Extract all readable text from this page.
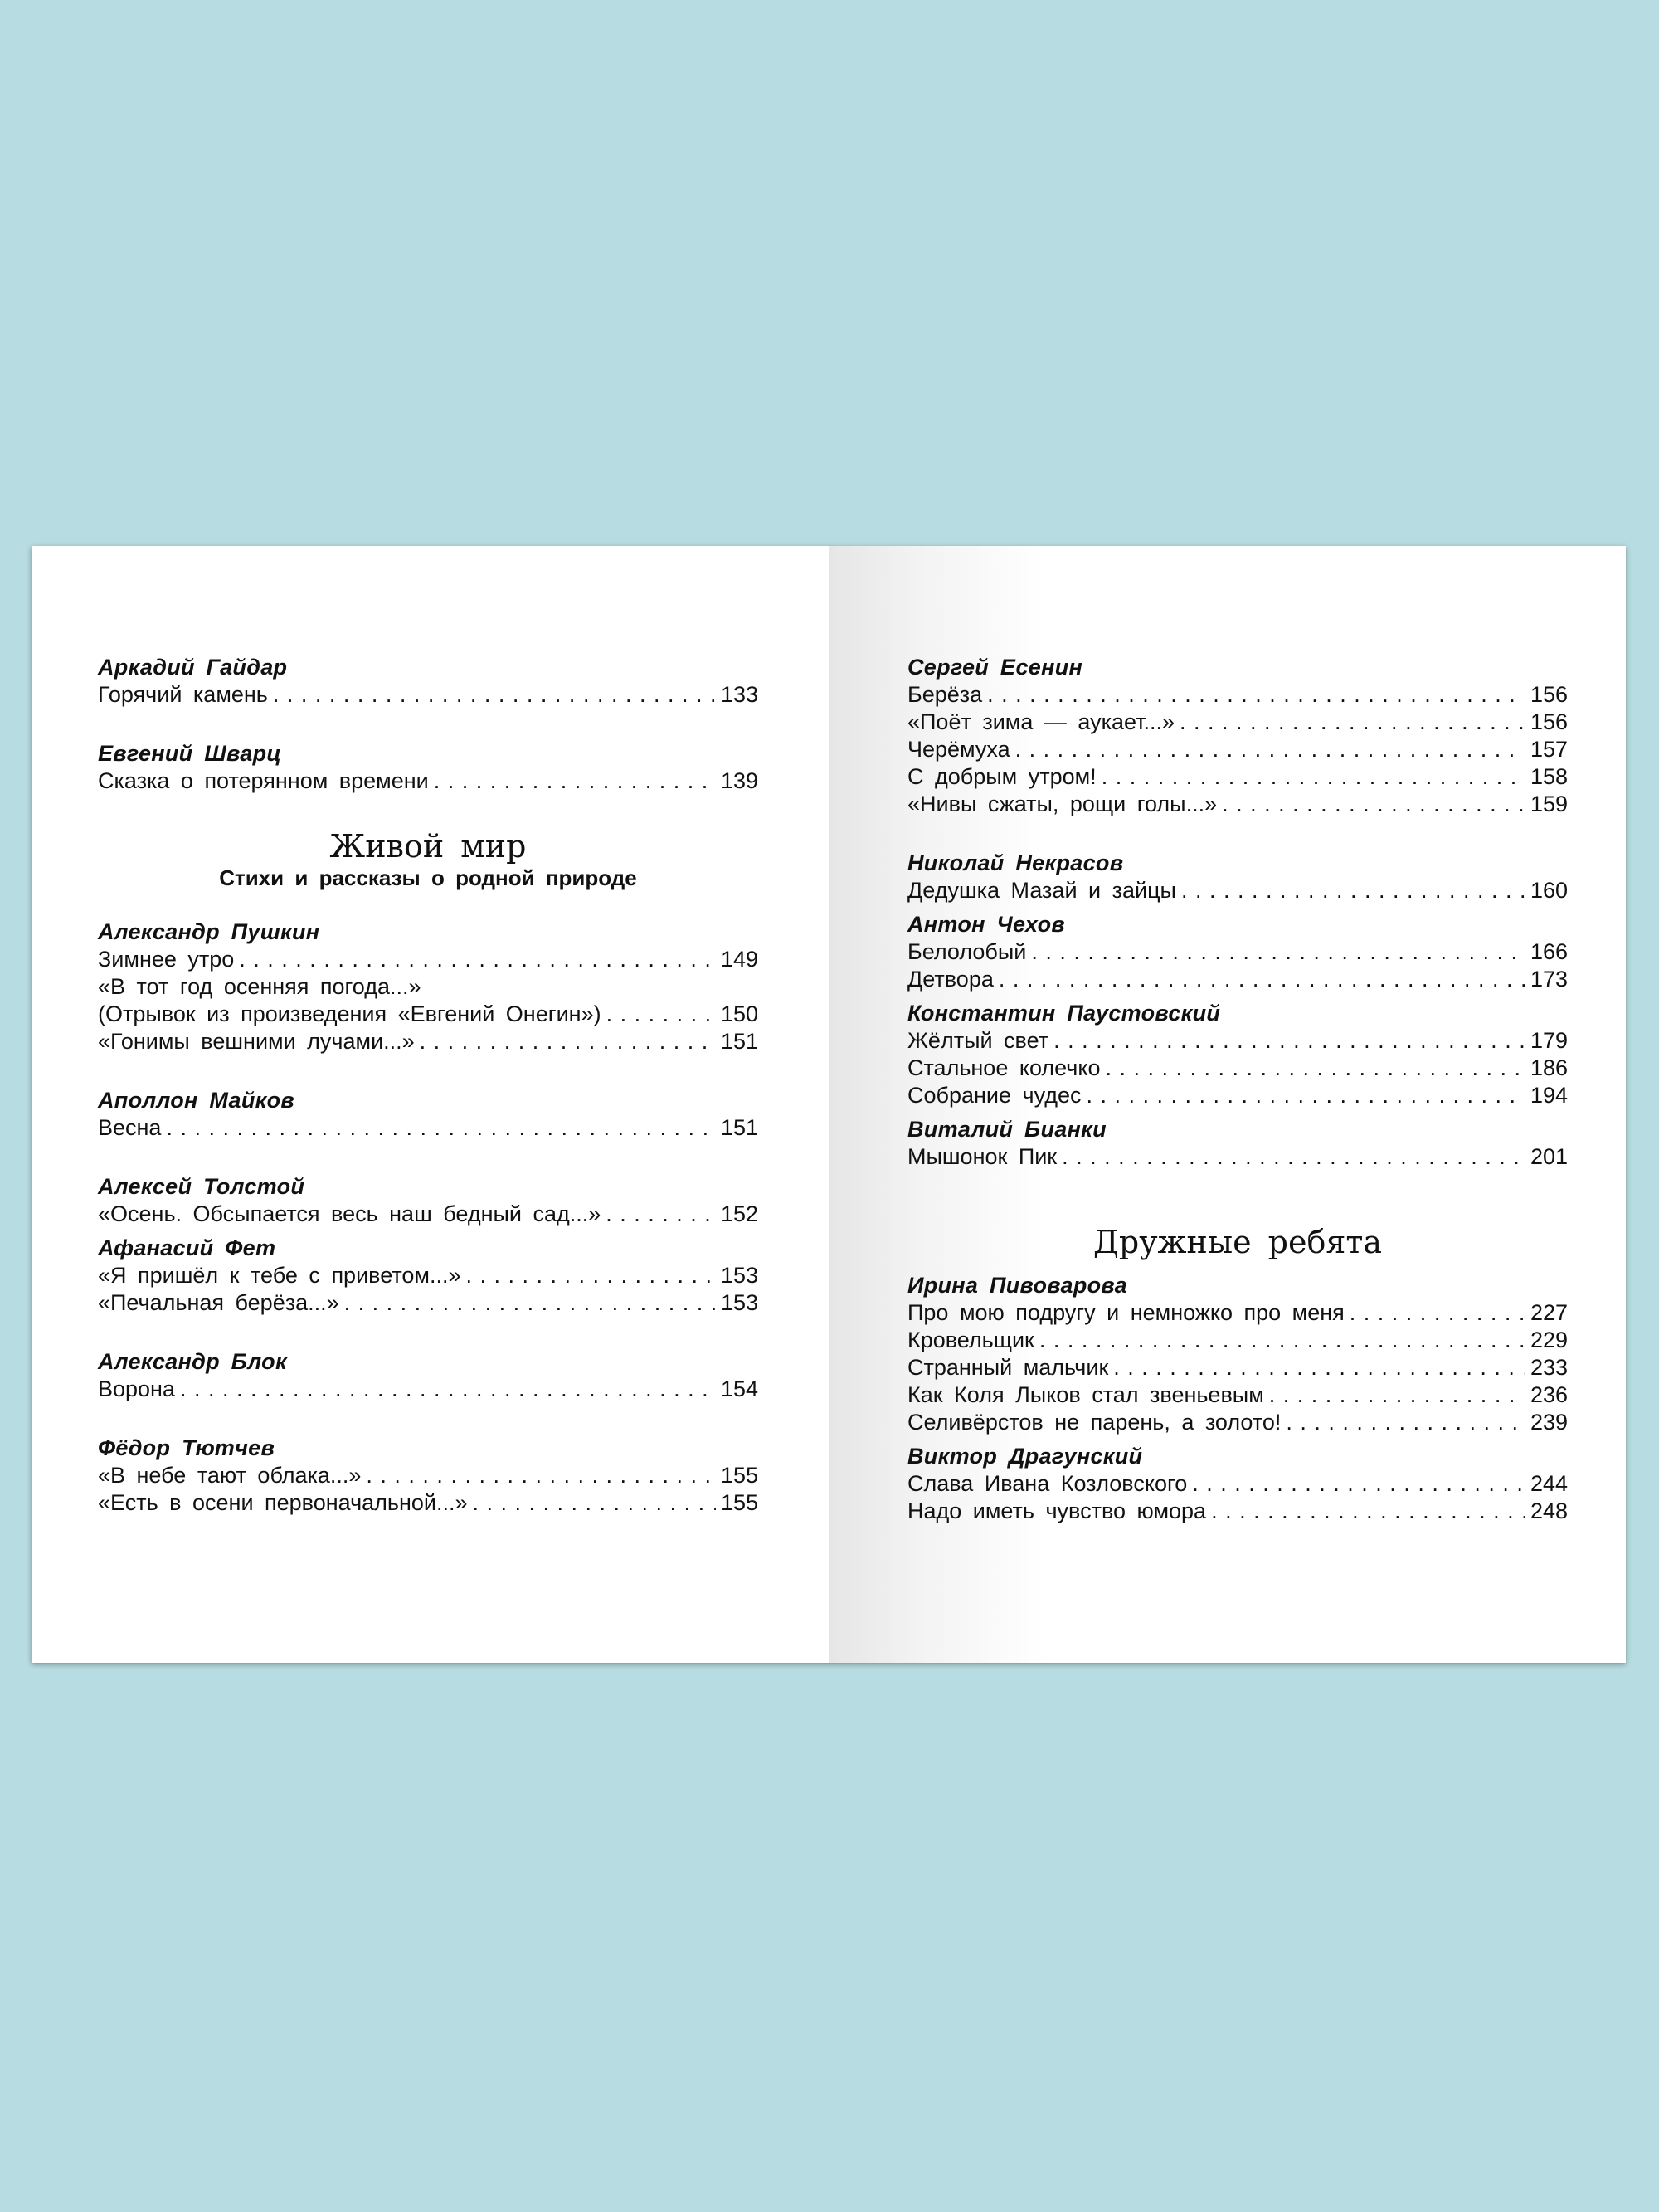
Аркадий Гайдар
Горячий камень . . .	133
Евгений Шварц
Сказка о потерянном времени . . .	139
Живой мир
Стихи и рассказы о родной природе
Александр Пушкин
Зимнее утро . . .	149
«В тот год осенняя погода...»
(Отрывок из произведения «Евгений Онегин») . . .	150
«Гонимы вешними лучами...» . . .	151
Аполлон Майков
Весна . . .	151
Алексей Толстой
«Осень. Обсыпается весь наш бедный сад...» . . .	152
Афанасий Фет
«Я пришёл к тебе с приветом...» . . .	153
«Печальная берёза...» . . .	153
Александр Блок
Ворона . . .	154
Фёдор Тютчев
«В небе тают облака...» . . .	155
«Есть в осени первоначальной...» . . .	155
Сергей Есенин
Берёза . . .	156
«Поёт зима — аукает...» . . .	156
Черёмуха . . .	157
С добрым утром! . . .	158
«Нивы сжаты, рощи голы...» . . .	159
Николай Некрасов
Дедушка Мазай и зайцы . . .	160
Антон Чехов
Белолобый . . .	166
Детвора . . .	173
Константин Паустовский
Жёлтый свет . . .	179
Стальное колечко . . .	186
Собрание чудес . . .	194
Виталий Бианки
Мышонок Пик . . .	201
Дружные ребята
Ирина Пивоварова
Про мою подругу и немножко про меня . . .	227
Кровельщик . . .	229
Странный мальчик . . .	233
Как Коля Лыков стал звеньевым . . .	236
Селивёрстов не парень, а золото! . . .	239
Виктор Драгунский
Слава Ивана Козловского . . .	244
Надо иметь чувство юмора . . .	248
